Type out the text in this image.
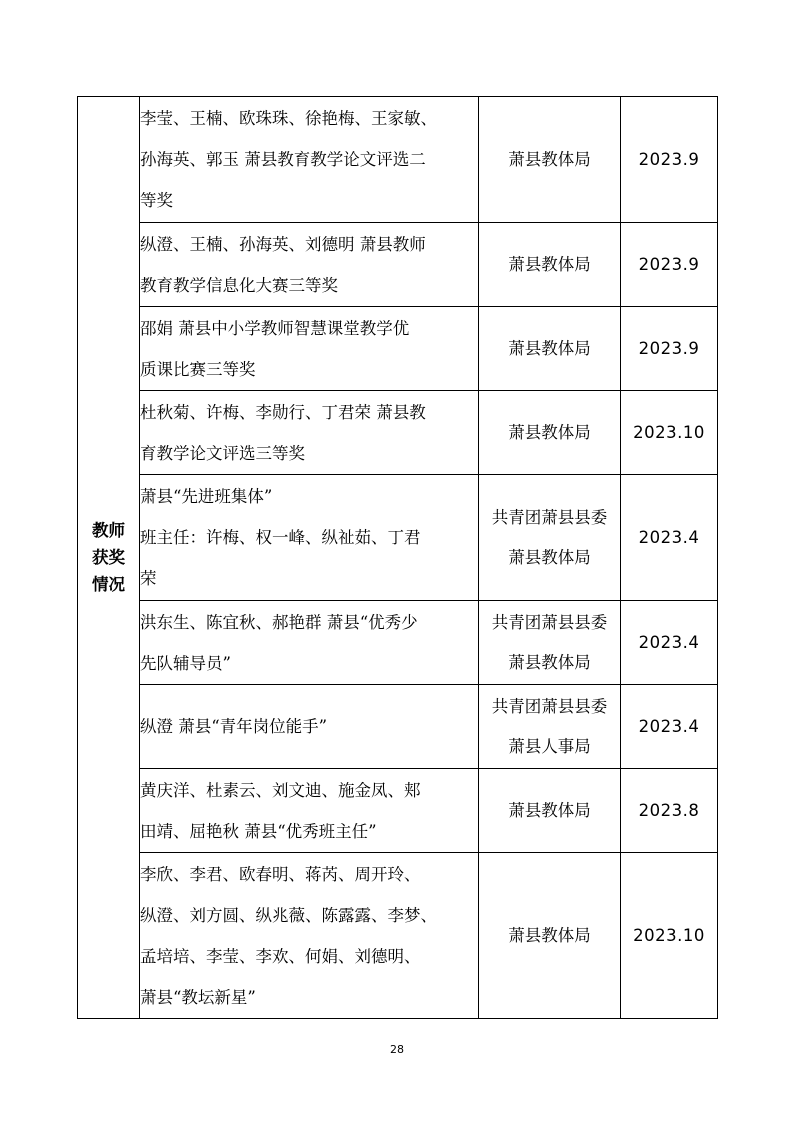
教师
获奖
情况	李莹、王楠、欧珠珠、徐艳梅、王家敏、
孙海英、郭玉 萧县教育教学论文评选二
等奖	萧县教体局	2023.9

	纵澄、王楠、孙海英、刘德明 萧县教师
教育教学信息化大赛三等奖	萧县教体局	2023.9

	邵娟 萧县中小学教师智慧课堂教学优
质课比赛三等奖	萧县教体局	2023.9

	杜秋菊、许梅、李勋行、丁君荣 萧县教
育教学论文评选三等奖	萧县教体局	2023.10

	萧县“先进班集体”
班主任：许梅、权一峰、纵祉茹、丁君
荣	共青团萧县县委
萧县教体局	2023.4

	洪东生、陈宜秋、郝艳群 萧县“优秀少
先队辅导员”	共青团萧县县委
萧县教体局	2023.4

	纵澄 萧县“青年岗位能手”	共青团萧县县委
萧县人事局	2023.4

	黄庆洋、杜素云、刘文迪、施金凤、郏
田靖、屈艳秋 萧县“优秀班主任”	萧县教体局	2023.8

	李欣、李君、欧春明、蒋芮、周开玲、
纵澄、刘方圆、纵兆薇、陈露露、李梦、
孟培培、李莹、李欢、何娟、刘德明、
萧县“教坛新星”	萧县教体局	2023.10
28
